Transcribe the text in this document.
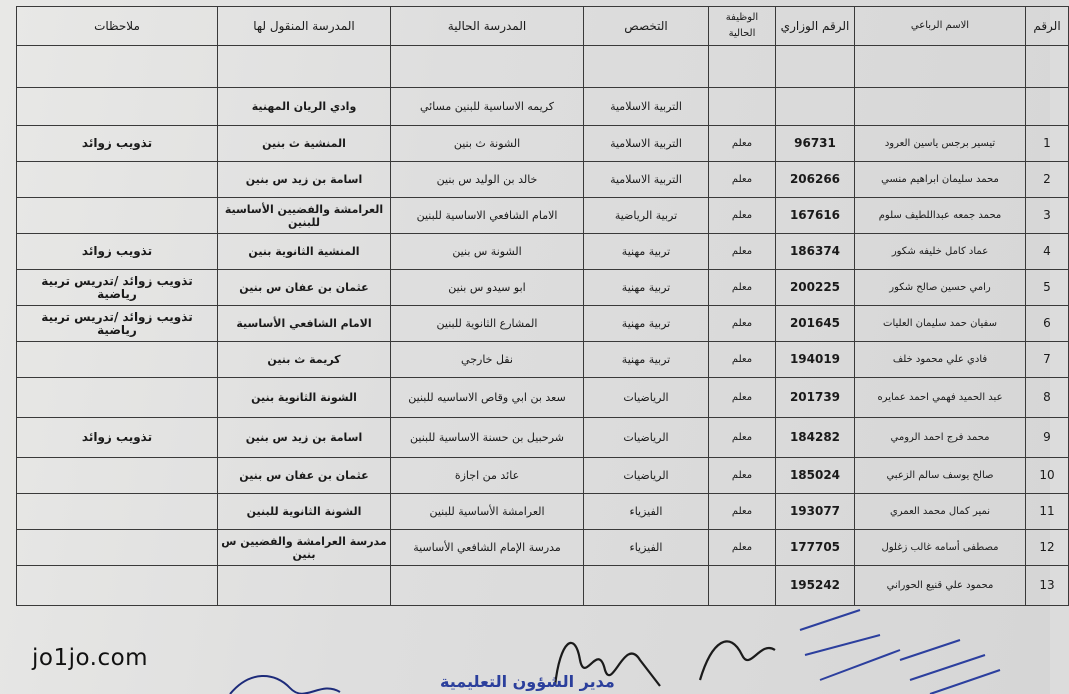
الرقم	الاسم الرباعي	الرقم الوزاري	الوظيفة الحالية	التخصص	المدرسة الحالية	المدرسة المنقول لها	ملاحظات

				التربية الاسلامية	كريمه الاساسية للبنين مسائي	وادي الريان المهنية	
1	تيسير برجس ياسين العرود	96731	معلم	التربية الاسلامية	الشونة ث بنين	المنشية ث بنين	تذويب زوائد
2	محمد سليمان ابراهيم منسي	206266	معلم	التربية الاسلامية	خالد بن الوليد س بنين	اسامة بن زيد س بنين	
3	محمد جمعه عبداللطيف سلوم	167616	معلم	تربية الرياضية	الامام الشافعي الاساسية للبنين	العرامشة والفضيين الأساسية للبنين	
4	عماد كامل خليفه شكور	186374	معلم	تربية مهنية	الشونة س بنين	المنشية الثانوية بنين	تذويب زوائد
5	رامي حسين صالح شكور	200225	معلم	تربية مهنية	ابو سيدو س بنين	عثمان بن عفان س بنين	تذويب زوائد /تدريس تربية رياضية
6	سفيان حمد سليمان العليات	201645	معلم	تربية مهنية	المشارع الثانوية للبنين	الامام الشافعي الأساسية	تذويب زوائد /تدريس تربية رياضية
7	فادي علي محمود خلف	194019	معلم	تربية مهنية	نقل خارجي	كريمة ث بنين	
8	عبد الحميد فهمي احمد عمايره	201739	معلم	الرياضيات	سعد بن ابي وقاص الاساسيه للبنين	الشونة الثانوية بنين	
9	محمد فرج احمد الرومي	184282	معلم	الرياضيات	شرحبيل بن حسنة الاساسية للبنين	اسامة بن زيد س بنين	تذويب زوائد
10	صالح يوسف سالم الزعبي	185024	معلم	الرياضيات	عائد من اجازة	عثمان بن عفان س بنين	
11	نمير كمال محمد العمري	193077	معلم	الفيزياء	العرامشة الأساسية للبنين	الشونة الثانوية للبنين	
12	مصطفى أسامه غالب زغلول	177705	معلم	الفيزياء	مدرسة الإمام الشافعي الأساسية	مدرسة العرامشة والفضيين س بنين	
13	محمود علي قنيع الحوراني	195242					
jo1jo.com
مدير الشؤون التعليمية
